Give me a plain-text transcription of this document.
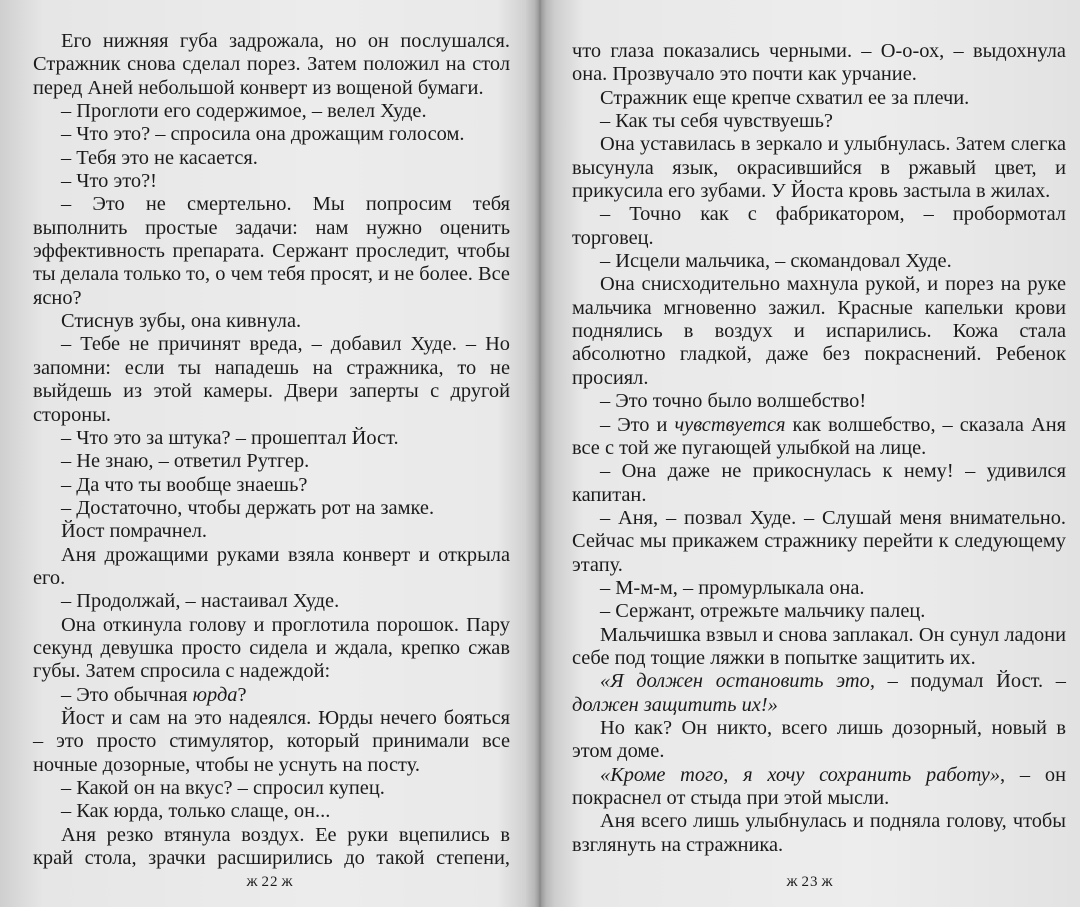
Его нижняя губа задрожала, но он послушался. Стражник снова сделал порез. Затем положил на стол перед Аней небольшой конверт из вощеной бумаги.

– Проглоти его содержимое, – велел Худе.

– Что это? – спросила она дрожащим голосом.

– Тебя это не касается.

– Что это?!

– Это не смертельно. Мы попросим тебя выполнить простые задачи: нам нужно оценить эффективность препарата. Сержант проследит, чтобы ты делала только то, о чем тебя просят, и не более. Все ясно?

Стиснув зубы, она кивнула.

– Тебе не причинят вреда, – добавил Худе. – Но запомни: если ты нападешь на стражника, то не выйдешь из этой камеры. Двери заперты с другой стороны.

– Что это за штука? – прошептал Йост.

– Не знаю, – ответил Рутгер.

– Да что ты вообще знаешь?

– Достаточно, чтобы держать рот на замке.

Йост помрачнел.

Аня дрожащими руками взяла конверт и открыла его.

– Продолжай, – настаивал Худе.

Она откинула голову и проглотила порошок. Пару секунд девушка просто сидела и ждала, крепко сжав губы. Затем спросила с надеждой:

– Это обычная юрда?

Йост и сам на это надеялся. Юрды нечего бояться – это просто стимулятор, который принимали все ночные дозорные, чтобы не уснуть на посту.

– Какой он на вкус? – спросил купец.

– Как юрда, только слаще, он...

Аня резко втянула воздух. Ее руки вцепились в край стола, зрачки расширились до такой степени,

ж 22 ж

что глаза показались черными. – О-о-ох, – выдохнула она. Прозвучало это почти как урчание.

Стражник еще крепче схватил ее за плечи.

– Как ты себя чувствуешь?

Она уставилась в зеркало и улыбнулась. Затем слегка высунула язык, окрасившийся в ржавый цвет, и прикусила его зубами. У Йоста кровь застыла в жилах.

– Точно как с фабрикатором, – пробормотал торговец.

– Исцели мальчика, – скомандовал Худе.

Она снисходительно махнула рукой, и порез на руке мальчика мгновенно зажил. Красные капельки крови поднялись в воздух и испарились. Кожа стала абсолютно гладкой, даже без покраснений. Ребенок просиял.

– Это точно было волшебство!

– Это и чувствуется как волшебство, – сказала Аня все с той же пугающей улыбкой на лице.

– Она даже не прикоснулась к нему! – удивился капитан.

– Аня, – позвал Худе. – Слушай меня внимательно. Сейчас мы прикажем стражнику перейти к следующему этапу.

– М-м-м, – промурлыкала она.

– Сержант, отрежьте мальчику палец.

Мальчишка взвыл и снова заплакал. Он сунул ладони себе под тощие ляжки в попытке защитить их.

«Я должен остановить это, – подумал Йост. – должен защитить их!»

Но как? Он никто, всего лишь дозорный, новый в этом доме.

«Кроме того, я хочу сохранить работу», – он покраснел от стыда при этой мысли.

Аня всего лишь улыбнулась и подняла голову, чтобы взглянуть на стражника.

ж 23 ж
